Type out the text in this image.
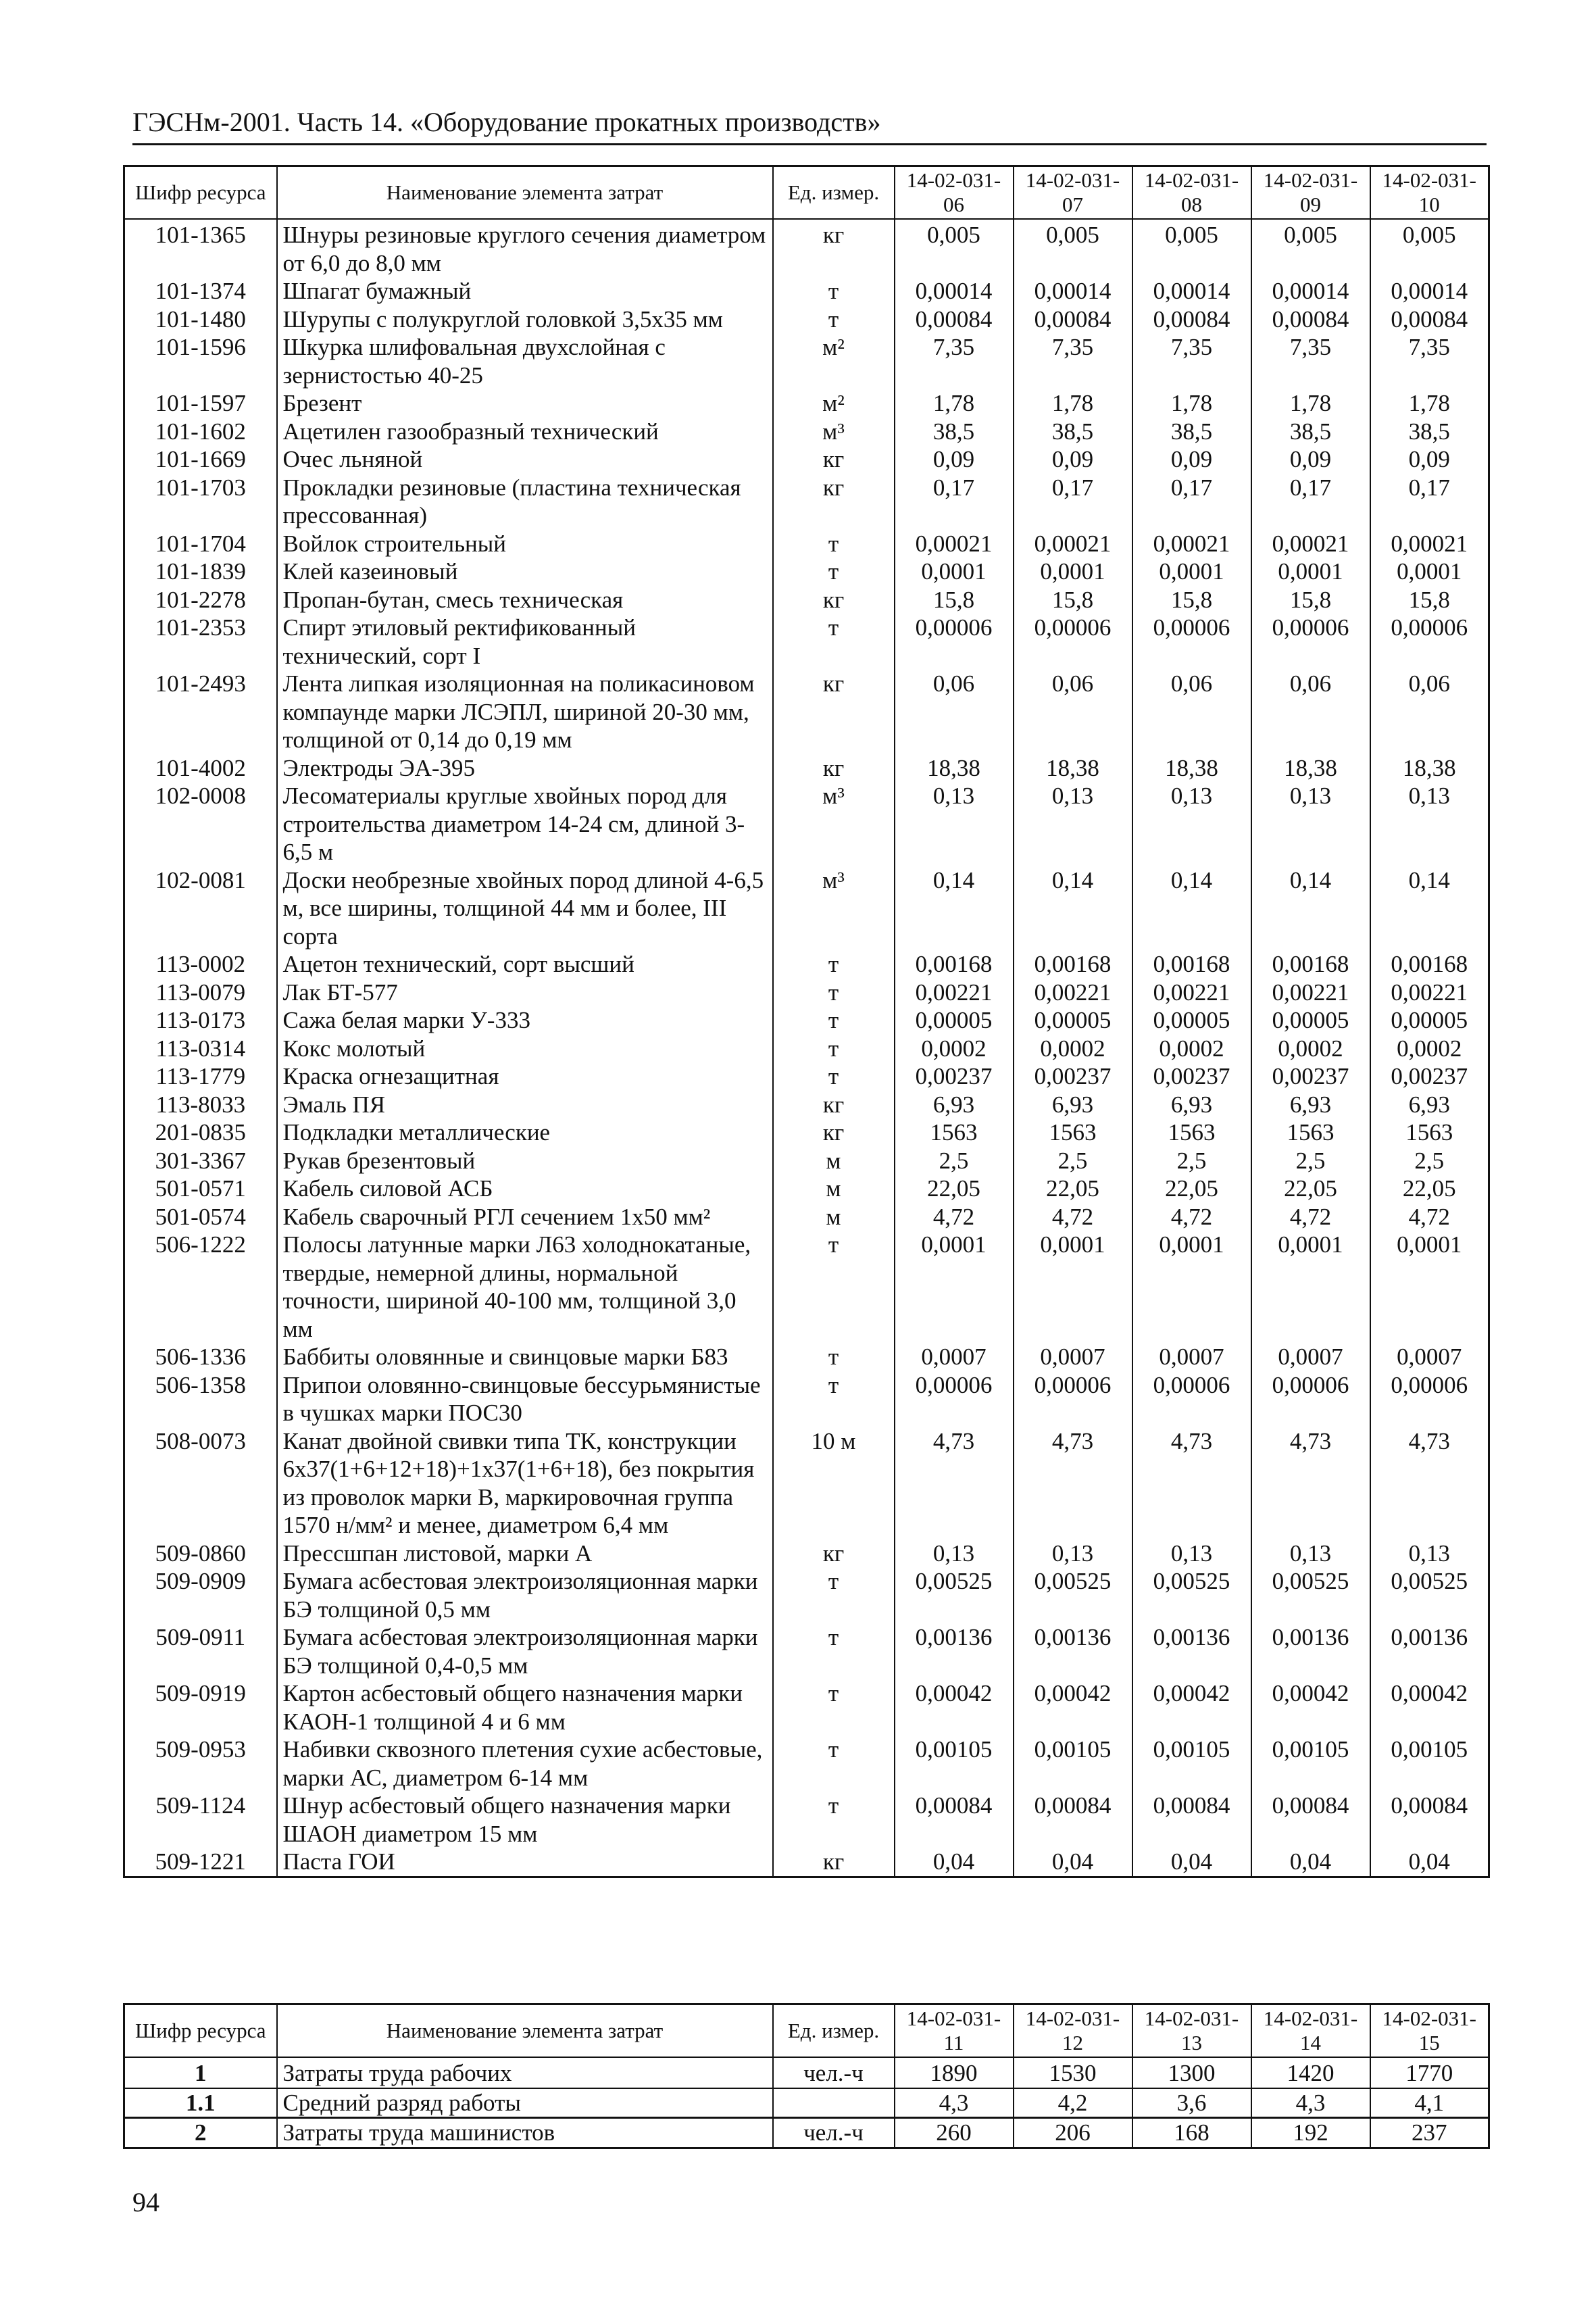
ГЭСНм-2001. Часть 14. «Оборудование прокатных производств»
Шифр ресурса	Наименование элемента затрат	Ед. измер.	14-02-031-06	14-02-031-07	14-02-031-08	14-02-031-09	14-02-031-10
101-1365	Шнуры резиновые круглого сечения диаметром от 6,0 до 8,0 мм	кг	0,005	0,005	0,005	0,005	0,005
101-1374	Шпагат бумажный	т	0,00014	0,00014	0,00014	0,00014	0,00014
101-1480	Шурупы с полукруглой головкой 3,5x35 мм	т	0,00084	0,00084	0,00084	0,00084	0,00084
101-1596	Шкурка шлифовальная двухслойная с зернистостью 40-25	м²	7,35	7,35	7,35	7,35	7,35
101-1597	Брезент	м²	1,78	1,78	1,78	1,78	1,78
101-1602	Ацетилен газообразный технический	м³	38,5	38,5	38,5	38,5	38,5
101-1669	Очес льняной	кг	0,09	0,09	0,09	0,09	0,09
101-1703	Прокладки резиновые (пластина техническая прессованная)	кг	0,17	0,17	0,17	0,17	0,17
101-1704	Войлок строительный	т	0,00021	0,00021	0,00021	0,00021	0,00021
101-1839	Клей казеиновый	т	0,0001	0,0001	0,0001	0,0001	0,0001
101-2278	Пропан-бутан, смесь техническая	кг	15,8	15,8	15,8	15,8	15,8
101-2353	Спирт этиловый ректификованный технический, сорт I	т	0,00006	0,00006	0,00006	0,00006	0,00006
101-2493	Лента липкая изоляционная на поликасиновом компаунде марки ЛСЭПЛ, шириной 20-30 мм, толщиной от 0,14 до 0,19 мм	кг	0,06	0,06	0,06	0,06	0,06
101-4002	Электроды ЭА-395	кг	18,38	18,38	18,38	18,38	18,38
102-0008	Лесоматериалы круглые хвойных пород для строительства диаметром 14-24 см, длиной 3-6,5 м	м³	0,13	0,13	0,13	0,13	0,13
102-0081	Доски необрезные хвойных пород длиной 4-6,5 м, все ширины, толщиной 44 мм и более, III сорта	м³	0,14	0,14	0,14	0,14	0,14
113-0002	Ацетон технический, сорт высший	т	0,00168	0,00168	0,00168	0,00168	0,00168
113-0079	Лак БТ-577	т	0,00221	0,00221	0,00221	0,00221	0,00221
113-0173	Сажа белая марки У-333	т	0,00005	0,00005	0,00005	0,00005	0,00005
113-0314	Кокс молотый	т	0,0002	0,0002	0,0002	0,0002	0,0002
113-1779	Краска огнезащитная	т	0,00237	0,00237	0,00237	0,00237	0,00237
113-8033	Эмаль ПЯ	кг	6,93	6,93	6,93	6,93	6,93
201-0835	Подкладки металлические	кг	1563	1563	1563	1563	1563
301-3367	Рукав брезентовый	м	2,5	2,5	2,5	2,5	2,5
501-0571	Кабель силовой АСБ	м	22,05	22,05	22,05	22,05	22,05
501-0574	Кабель сварочный РГЛ сечением 1x50 мм²	м	4,72	4,72	4,72	4,72	4,72
506-1222	Полосы латунные марки Л63 холоднокатаные, твердые, немерной длины, нормальной точности, шириной 40-100 мм, толщиной 3,0 мм	т	0,0001	0,0001	0,0001	0,0001	0,0001
506-1336	Баббиты оловянные и свинцовые марки Б83	т	0,0007	0,0007	0,0007	0,0007	0,0007
506-1358	Припои оловянно-свинцовые бессурьмянистые в чушках марки ПОС30	т	0,00006	0,00006	0,00006	0,00006	0,00006
508-0073	Канат двойной свивки типа ТК, конструкции 6x37(1+6+12+18)+1x37(1+6+18), без покрытия из проволок марки В, маркировочная группа 1570 н/мм² и менее, диаметром 6,4 мм	10 м	4,73	4,73	4,73	4,73	4,73
509-0860	Прессшпан листовой, марки А	кг	0,13	0,13	0,13	0,13	0,13
509-0909	Бумага асбестовая электроизоляционная марки БЭ толщиной 0,5 мм	т	0,00525	0,00525	0,00525	0,00525	0,00525
509-0911	Бумага асбестовая электроизоляционная марки БЭ толщиной 0,4-0,5 мм	т	0,00136	0,00136	0,00136	0,00136	0,00136
509-0919	Картон асбестовый общего назначения марки КАОН-1 толщиной 4 и 6 мм	т	0,00042	0,00042	0,00042	0,00042	0,00042
509-0953	Набивки сквозного плетения сухие асбестовые, марки АС, диаметром 6-14 мм	т	0,00105	0,00105	0,00105	0,00105	0,00105
509-1124	Шнур асбестовый общего назначения марки ШАОН диаметром 15 мм	т	0,00084	0,00084	0,00084	0,00084	0,00084
509-1221	Паста ГОИ	кг	0,04	0,04	0,04	0,04	0,04
Шифр ресурса	Наименование элемента затрат	Ед. измер.	14-02-031-11	14-02-031-12	14-02-031-13	14-02-031-14	14-02-031-15
1	Затраты труда рабочих	чел.-ч	1890	1530	1300	1420	1770
1.1	Средний разряд работы		4,3	4,2	3,6	4,3	4,1
2	Затраты труда машинистов	чел.-ч	260	206	168	192	237
94
